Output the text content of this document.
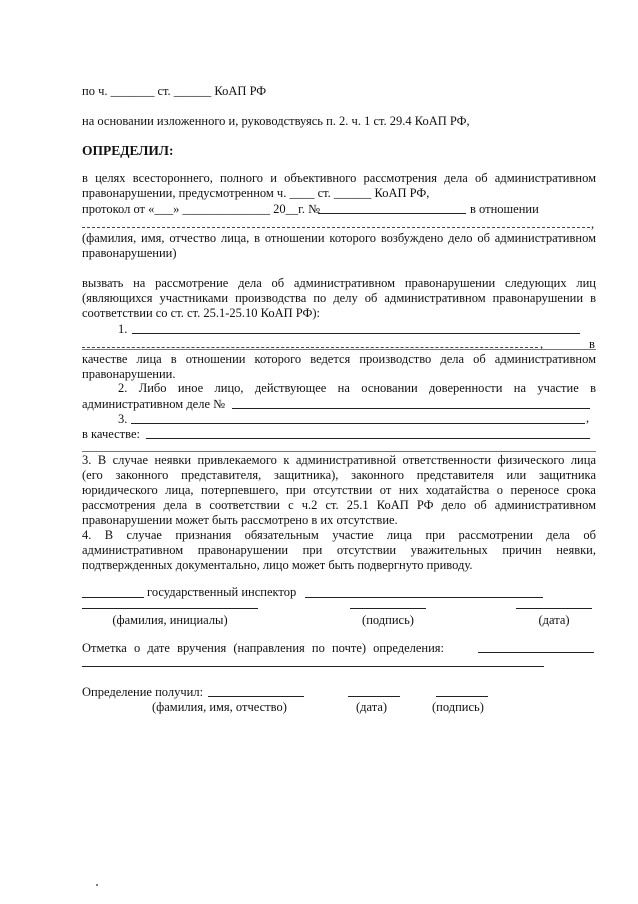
по ч. _______ ст. ______ КоАП РФ
на основании изложенного и, руководствуясь п. 2. ч. 1 ст. 29.4 КоАП РФ,
ОПРЕДЕЛИЛ:
в целях всестороннего, полного и объективного рассмотрения дела об административном
правонарушении, предусмотренном ч. ____ ст. ______ КоАП РФ,
протокол от «___» ______________ 20__г. №	в отношении
,
(фамилия, имя, отчество лица, в отношении которого возбуждено дело об административном
правонарушении)
вызвать на рассмотрение дела об административном правонарушении следующих лиц
(являющихся участниками производства по делу об административном правонарушении в
соответствии со ст. ст. 25.1-25.10 КоАП РФ):
1.
,	в
качестве лица в отношении которого ведется производство дела об административном
правонарушении.
2. Либо иное лицо, действующее на основании доверенности на участие в
административном деле №
3.	,
в качестве:
3. В случае неявки привлекаемого к административной ответственности физического лица
(его законного представителя, защитника), законного представителя или защитника
юридического лица, потерпевшего, при отсутствии от них ходатайства о переносе срока
рассмотрения дела в соответствии с ч.2 ст. 25.1 КоАП РФ дело об административном
правонарушении может быть рассмотрено в их отсутствие.
4. В случае признания обязательным участие лица при рассмотрении дела об
административном правонарушении при отсутствии уважительных причин неявки,
подтвержденных документально, лицо может быть подвергнуто приводу.
государственный инспектор
(фамилия, инициалы)	(подпись)	(дата)
Отметка о дате вручения (направления по почте) определения:
Определение получил:
(фамилия, имя, отчество)	(дата)	(подпись)
